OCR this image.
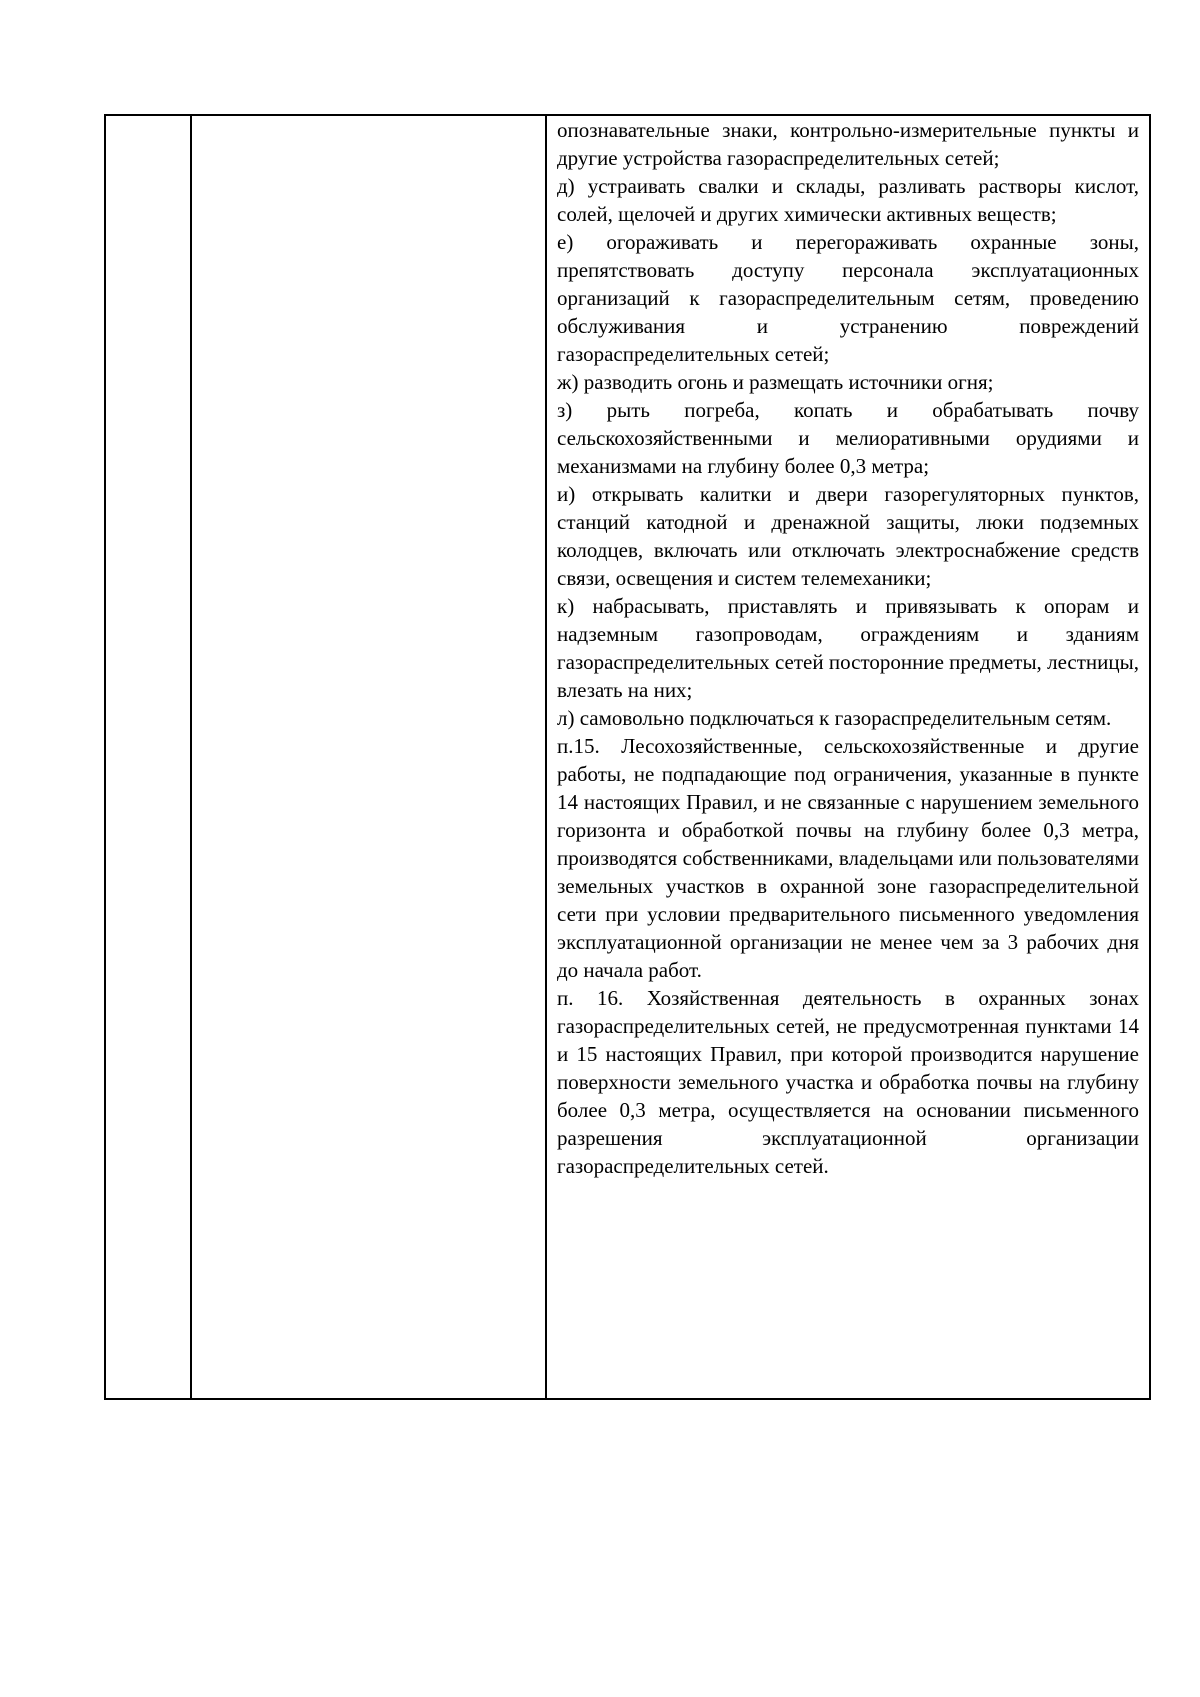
опознавательные знаки, контрольно-измерительные пункты и другие устройства газораспределительных сетей;

д) устраивать свалки и склады, разливать растворы кислот, солей, щелочей и других химически активных веществ;

е) огораживать и перегораживать охранные зоны, препятствовать доступу персонала эксплуатационных организаций к газораспределительным сетям, проведению обслуживания и устранению повреждений газораспределительных сетей;

ж) разводить огонь и размещать источники огня;

з) рыть погреба, копать и обрабатывать почву сельскохозяйственными и мелиоративными орудиями и механизмами на глубину более 0,3 метра;

и) открывать калитки и двери газорегуляторных пунктов, станций катодной и дренажной защиты, люки подземных колодцев, включать или отключать электроснабжение средств связи, освещения и систем телемеханики;

к) набрасывать, приставлять и привязывать к опорам и надземным газопроводам, ограждениям и зданиям газораспределительных сетей посторонние предметы, лестницы, влезать на них;

л) самовольно подключаться к газораспределительным сетям.

п.15. Лесохозяйственные, сельскохозяйственные и другие работы, не подпадающие под ограничения, указанные в пункте 14 настоящих Правил, и не связанные с нарушением земельного горизонта и обработкой почвы на глубину более 0,3 метра, производятся собственниками, владельцами или пользователями земельных участков в охранной зоне газораспределительной сети при условии предварительного письменного уведомления эксплуатационной организации не менее чем за 3 рабочих дня до начала работ.

п. 16. Хозяйственная деятельность в охранных зонах газораспределительных сетей, не предусмотренная пунктами 14 и 15 настоящих Правил, при которой производится нарушение поверхности земельного участка и обработка почвы на глубину более 0,3 метра, осуществляется на основании письменного разрешения эксплуатационной организации газораспределительных сетей.
